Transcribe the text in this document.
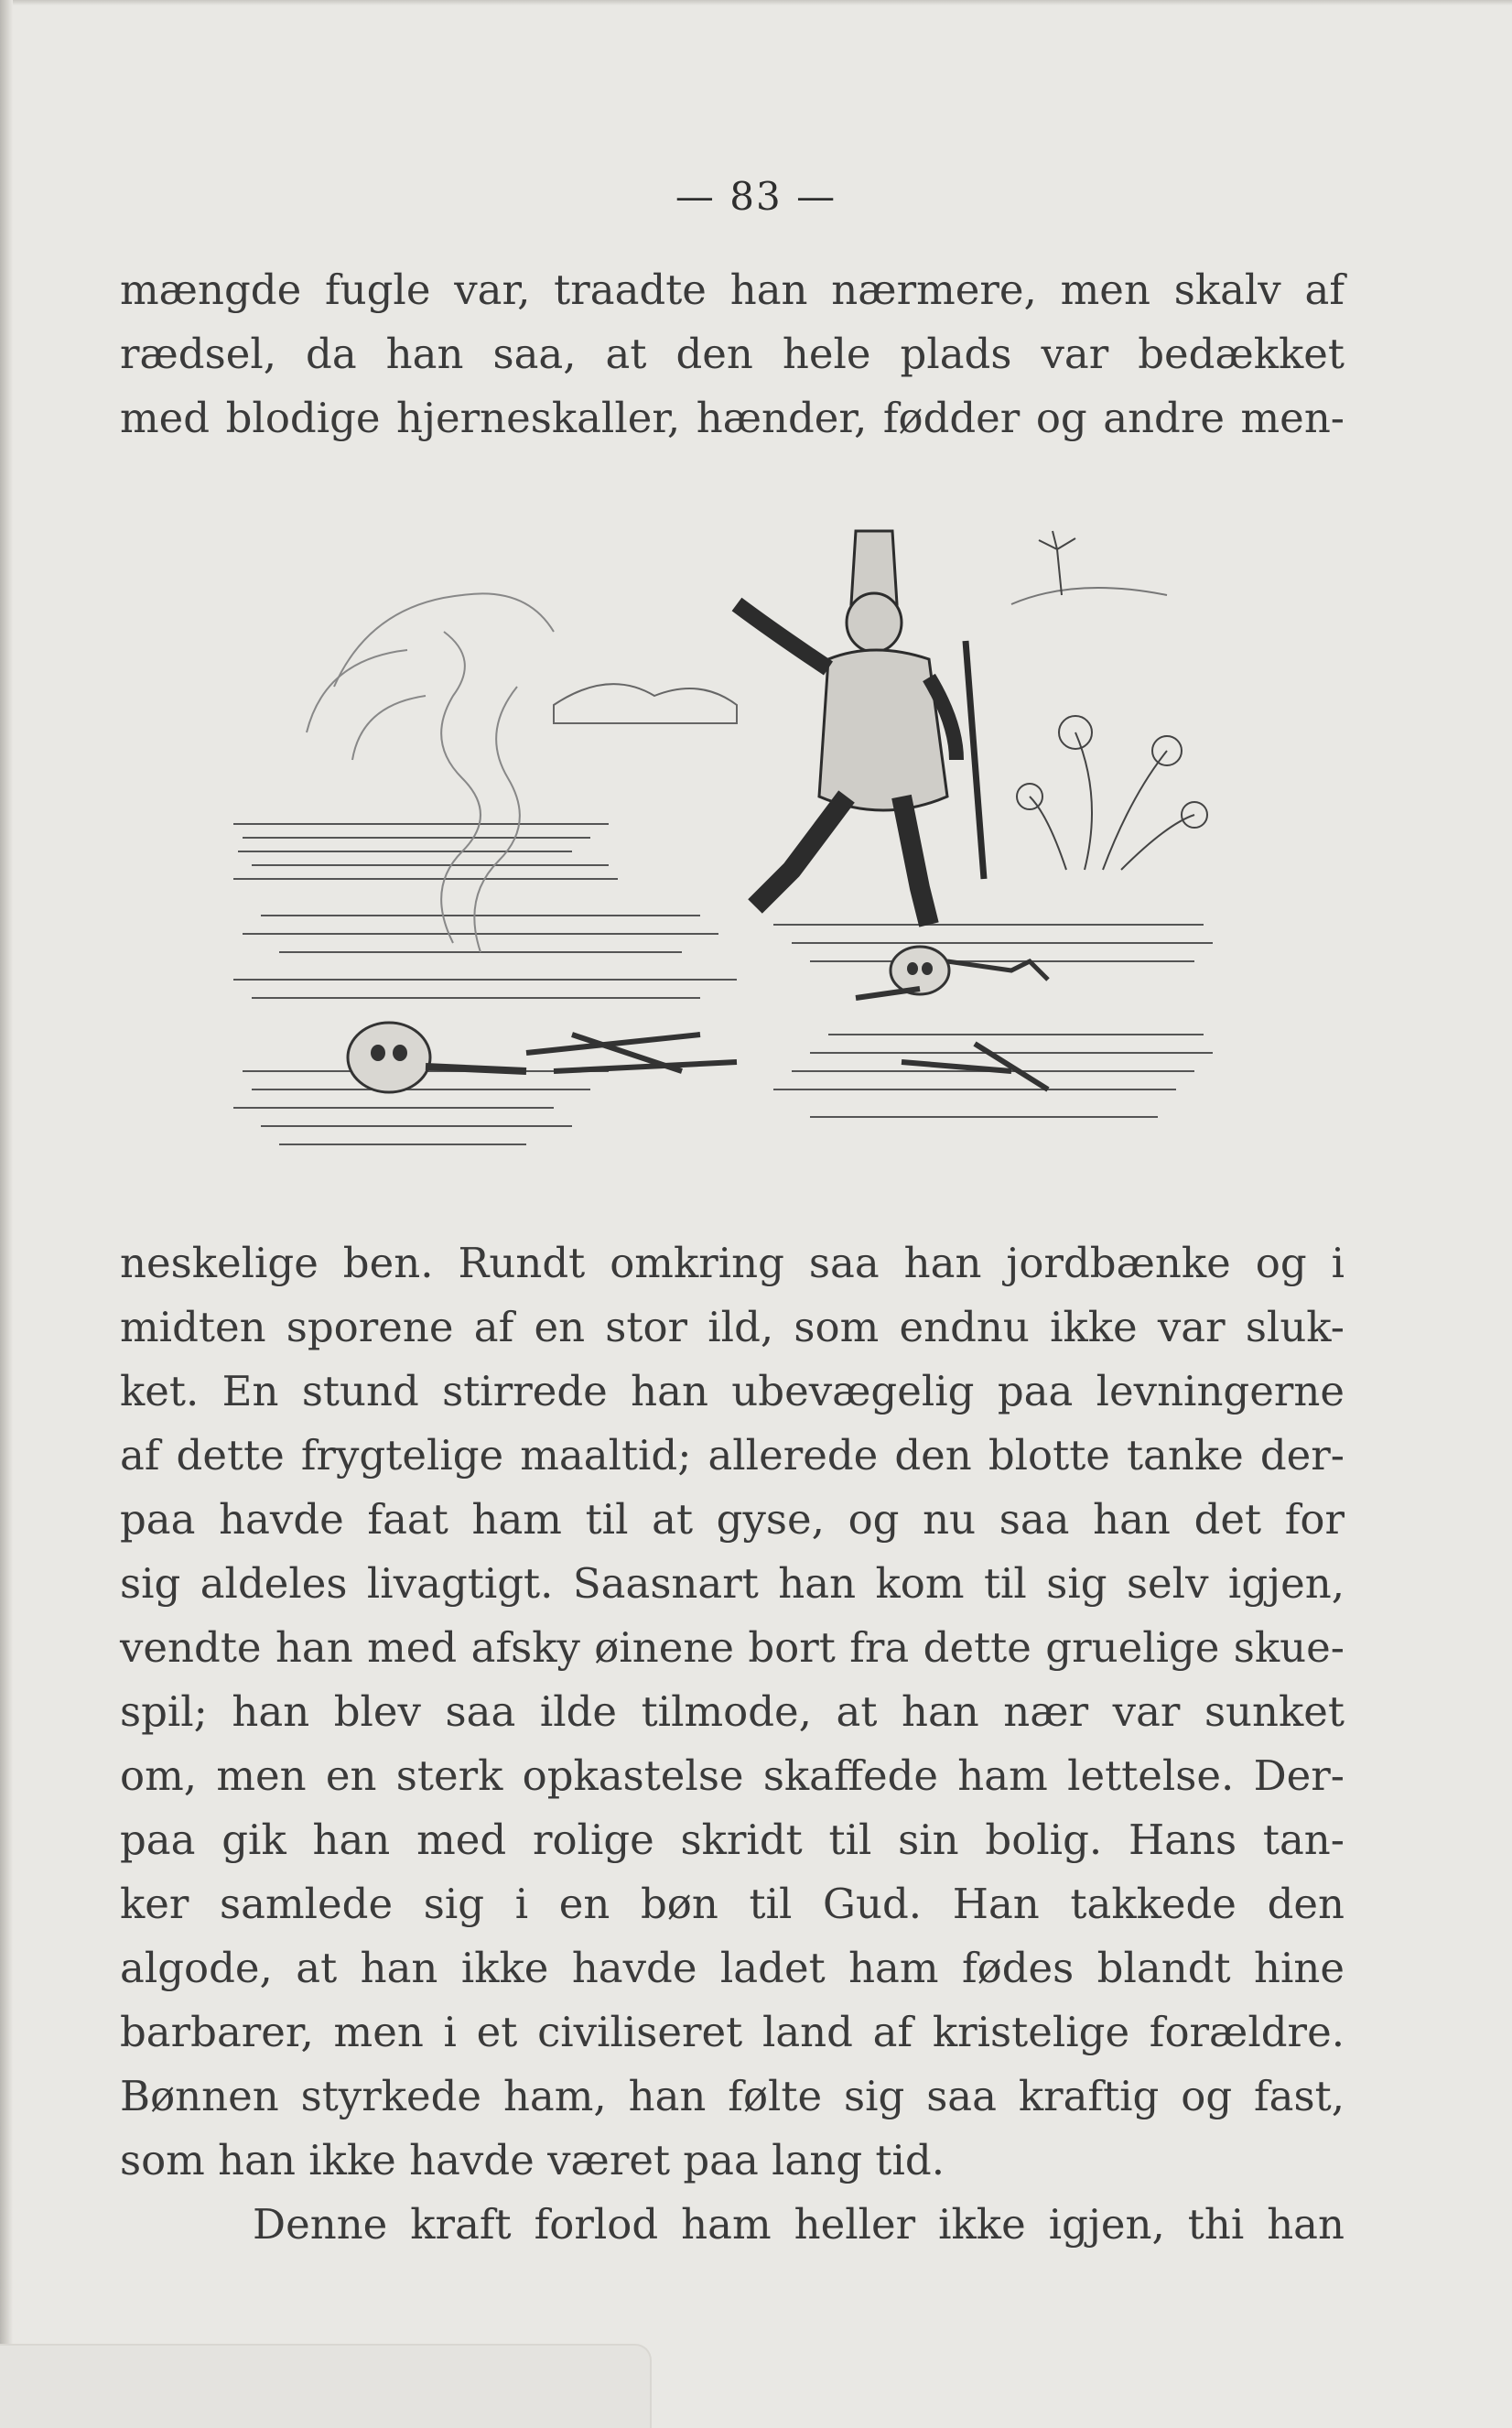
— 83 —
mængde fugle var, traadte han nærmere, men skalv af
rædsel, da han saa, at den hele plads var bedækket
med blodige hjerneskaller, hænder, fødder og andre men-
neskelige ben. Rundt omkring saa han jordbænke og i
midten sporene af en stor ild, som endnu ikke var sluk-
ket. En stund stirrede han ubevægelig paa levningerne
af dette frygtelige maaltid; allerede den blotte tanke der-
paa havde faat ham til at gyse, og nu saa han det for
sig aldeles livagtigt. Saasnart han kom til sig selv igjen,
vendte han med afsky øinene bort fra dette gruelige skue-
spil; han blev saa ilde tilmode, at han nær var sunket
om, men en sterk opkastelse skaffede ham lettelse. Der-
paa gik han med rolige skridt til sin bolig. Hans tan-
ker samlede sig i en bøn til Gud. Han takkede den
algode, at han ikke havde ladet ham fødes blandt hine
barbarer, men i et civiliseret land af kristelige forældre.
Bønnen styrkede ham, han følte sig saa kraftig og fast,
som han ikke havde været paa lang tid.
Denne kraft forlod ham heller ikke igjen, thi han
